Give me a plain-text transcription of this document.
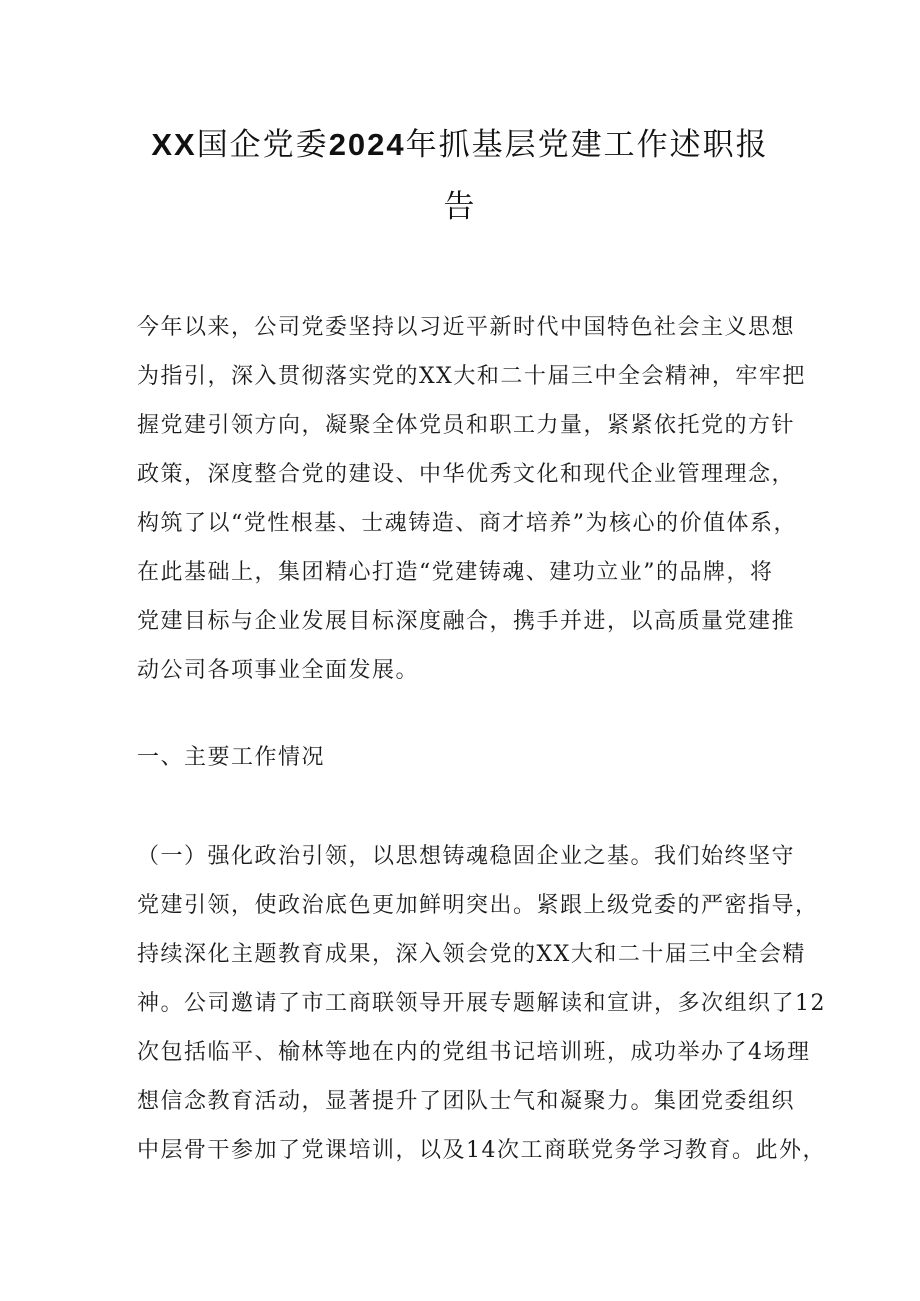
XX国企党委2024年抓基层党建工作述职报
告
今年以来，公司党委坚持以习近平新时代中国特色社会主义思想
为指引，深入贯彻落实党的XX大和二十届三中全会精神，牢牢把
握党建引领方向，凝聚全体党员和职工力量，紧紧依托党的方针
政策，深度整合党的建设、中华优秀文化和现代企业管理理念，
构筑了以“党性根基、士魂铸造、商才培养”为核心的价值体系，
在此基础上，集团精心打造“党建铸魂、建功立业”的品牌，将
党建目标与企业发展目标深度融合，携手并进，以高质量党建推
动公司各项事业全面发展。
一、主要工作情况
（一）强化政治引领，以思想铸魂稳固企业之基。我们始终坚守
党建引领，使政治底色更加鲜明突出。紧跟上级党委的严密指导，
持续深化主题教育成果，深入领会党的XX大和二十届三中全会精
神。公司邀请了市工商联领导开展专题解读和宣讲，多次组织了12
次包括临平、榆林等地在内的党组书记培训班，成功举办了4场理
想信念教育活动，显著提升了团队士气和凝聚力。集团党委组织
中层骨干参加了党课培训，以及14次工商联党务学习教育。此外，
